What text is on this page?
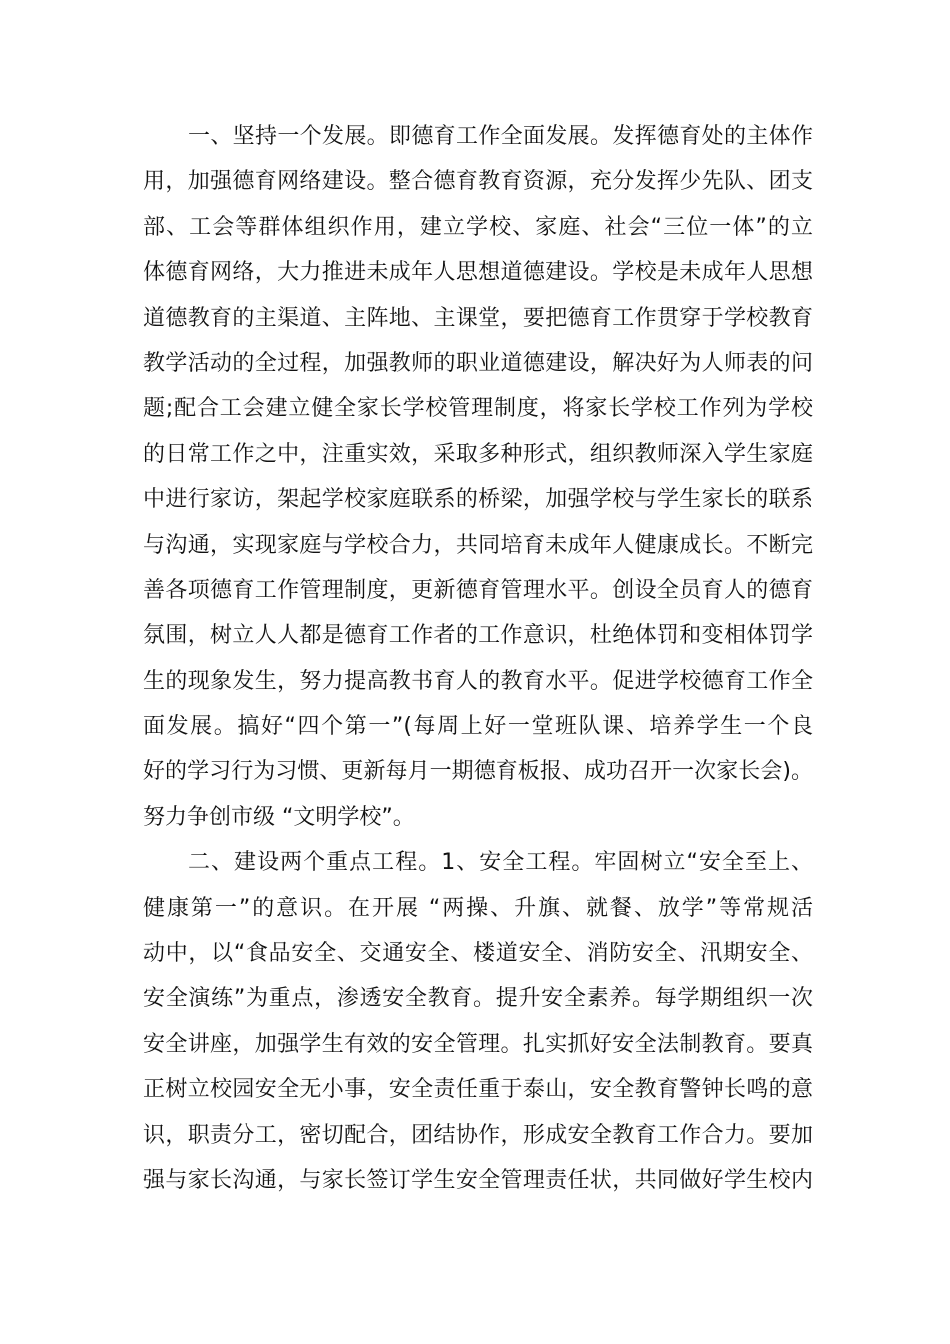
一、坚持一个发展。即德育工作全面发展。发挥德育处的主体作
用，加强德育网络建设。整合德育教育资源，充分发挥少先队、团支
部、工会等群体组织作用，建立学校、家庭、社会“三位一体”的立
体德育网络，大力推进未成年人思想道德建设。学校是未成年人思想
道德教育的主渠道、主阵地、主课堂，要把德育工作贯穿于学校教育
教学活动的全过程，加强教师的职业道德建设，解决好为人师表的问
题;配合工会建立健全家长学校管理制度，将家长学校工作列为学校
的日常工作之中，注重实效，采取多种形式，组织教师深入学生家庭
中进行家访，架起学校家庭联系的桥梁，加强学校与学生家长的联系
与沟通，实现家庭与学校合力，共同培育未成年人健康成长。不断完
善各项德育工作管理制度，更新德育管理水平。创设全员育人的德育
氛围，树立人人都是德育工作者的工作意识，杜绝体罚和变相体罚学
生的现象发生，努力提高教书育人的教育水平。促进学校德育工作全
面发展。搞好“四个第一”(每周上好一堂班队课、培养学生一个良
好的学习行为习惯、更新每月一期德育板报、成功召开一次家长会)。
努力争创市级 “文明学校”。
二、建设两个重点工程。1、安全工程。牢固树立“安全至上、
健康第一”的意识。在开展 “两操、升旗、就餐、放学”等常规活
动中，以“食品安全、交通安全、楼道安全、消防安全、汛期安全、
安全演练”为重点，渗透安全教育。提升安全素养。每学期组织一次
安全讲座，加强学生有效的安全管理。扎实抓好安全法制教育。要真
正树立校园安全无小事，安全责任重于泰山，安全教育警钟长鸣的意
识，职责分工，密切配合，团结协作，形成安全教育工作合力。要加
强与家长沟通，与家长签订学生安全管理责任状，共同做好学生校内
